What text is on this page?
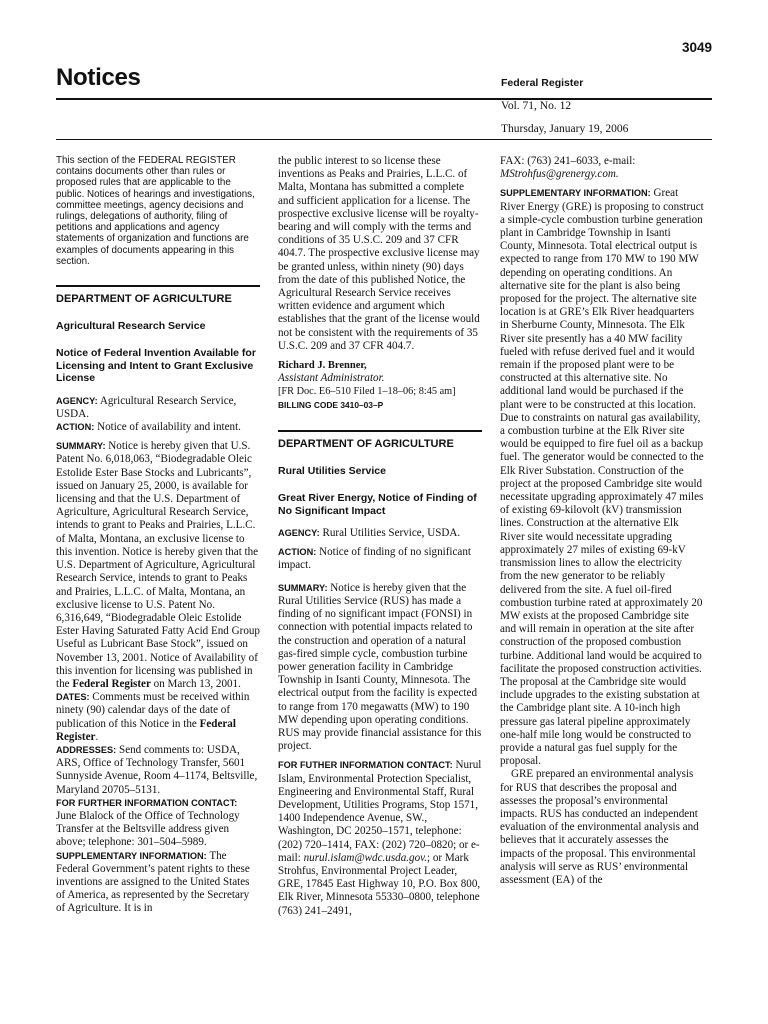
3049
Notices	Federal Register
Vol. 71, No. 12
Thursday, January 19, 2006

This section of the FEDERAL REGISTER contains documents other than rules or proposed rules that are applicable to the public. Notices of hearings and investigations, committee meetings, agency decisions and rulings, delegations of authority, filing of petitions and applications and agency statements of organization and functions are examples of documents appearing in this section.

DEPARTMENT OF AGRICULTURE

Agricultural Research Service

Notice of Federal Invention Available for Licensing and Intent to Grant Exclusive License

AGENCY: Agricultural Research Service, USDA.

ACTION: Notice of availability and intent.

SUMMARY: Notice is hereby given that U.S. Patent No. 6,018,063, “Biodegradable Oleic Estolide Ester Base Stocks and Lubricants”, issued on January 25, 2000, is available for licensing and that the U.S. Department of Agriculture, Agricultural Research Service, intends to grant to Peaks and Prairies, L.L.C. of Malta, Montana, an exclusive license to this invention. Notice is hereby given that the U.S. Department of Agriculture, Agricultural Research Service, intends to grant to Peaks and Prairies, L.L.C. of Malta, Montana, an exclusive license to U.S. Patent No. 6,316,649, “Biodegradable Oleic Estolide Ester Having Saturated Fatty Acid End Group Useful as Lubricant Base Stock”, issued on November 13, 2001. Notice of Availability of this invention for licensing was published in the Federal Register on March 13, 2001.

DATES: Comments must be received within ninety (90) calendar days of the date of publication of this Notice in the Federal Register.

ADDRESSES: Send comments to: USDA, ARS, Office of Technology Transfer, 5601 Sunnyside Avenue, Room 4–1174, Beltsville, Maryland 20705–5131.

FOR FURTHER INFORMATION CONTACT: June Blalock of the Office of Technology Transfer at the Beltsville address given above; telephone: 301–504–5989.

SUPPLEMENTARY INFORMATION: The Federal Government’s patent rights to these inventions are assigned to the United States of America, as represented by the Secretary of Agriculture. It is in

the public interest to so license these inventions as Peaks and Prairies, L.L.C. of Malta, Montana has submitted a complete and sufficient application for a license. The prospective exclusive license will be royalty-bearing and will comply with the terms and conditions of 35 U.S.C. 209 and 37 CFR 404.7. The prospective exclusive license may be granted unless, within ninety (90) days from the date of this published Notice, the Agricultural Research Service receives written evidence and argument which establishes that the grant of the license would not be consistent with the requirements of 35 U.S.C. 209 and 37 CFR 404.7.

Richard J. Brenner,

Assistant Administrator.

[FR Doc. E6–510 Filed 1–18–06; 8:45 am]

BILLING CODE 3410–03–P

DEPARTMENT OF AGRICULTURE

Rural Utilities Service

Great River Energy, Notice of Finding of No Significant Impact

AGENCY: Rural Utilities Service, USDA.

ACTION: Notice of finding of no significant impact.

SUMMARY: Notice is hereby given that the Rural Utilities Service (RUS) has made a finding of no significant impact (FONSI) in connection with potential impacts related to the construction and operation of a natural gas-fired simple cycle, combustion turbine power generation facility in Cambridge Township in Isanti County, Minnesota. The electrical output from the facility is expected to range from 170 megawatts (MW) to 190 MW depending upon operating conditions. RUS may provide financial assistance for this project.

FOR FUTHER INFORMATION CONTACT: Nurul Islam, Environmental Protection Specialist, Engineering and Environmental Staff, Rural Development, Utilities Programs, Stop 1571, 1400 Independence Avenue, SW., Washington, DC 20250–1571, telephone: (202) 720–1414, FAX: (202) 720–0820; or e-mail: nurul.islam@wdc.usda.gov.; or Mark Strohfus, Environmental Project Leader, GRE, 17845 East Highway 10, P.O. Box 800, Elk River, Minnesota 55330–0800, telephone (763) 241–2491,

FAX: (763) 241–6033, e-mail: MStrohfus@grenergy.com.

SUPPLEMENTARY INFORMATION: Great River Energy (GRE) is proposing to construct a simple-cycle combustion turbine generation plant in Cambridge Township in Isanti County, Minnesota. Total electrical output is expected to range from 170 MW to 190 MW depending on operating conditions. An alternative site for the plant is also being proposed for the project. The alternative site location is at GRE’s Elk River headquarters in Sherburne County, Minnesota. The Elk River site presently has a 40 MW facility fueled with refuse derived fuel and it would remain if the proposed plant were to be constructed at this alternative site. No additional land would be purchased if the plant were to be constructed at this location. Due to constraints on natural gas availability, a combustion turbine at the Elk River site would be equipped to fire fuel oil as a backup fuel. The generator would be connected to the Elk River Substation. Construction of the project at the proposed Cambridge site would necessitate upgrading approximately 47 miles of existing 69-kilovolt (kV) transmission lines. Construction at the alternative Elk River site would necessitate upgrading approximately 27 miles of existing 69-kV transmission lines to allow the electricity from the new generator to be reliably delivered from the site. A fuel oil-fired combustion turbine rated at approximately 20 MW exists at the proposed Cambridge site and will remain in operation at the site after construction of the proposed combustion turbine. Additional land would be acquired to facilitate the proposed construction activities. The proposal at the Cambridge site would include upgrades to the existing substation at the Cambridge plant site. A 10-inch high pressure gas lateral pipeline approximately one-half mile long would be constructed to provide a natural gas fuel supply for the proposal.

GRE prepared an environmental analysis for RUS that describes the proposal and assesses the proposal’s environmental impacts. RUS has conducted an independent evaluation of the environmental analysis and believes that it accurately assesses the impacts of the proposal. This environmental analysis will serve as RUS’ environmental assessment (EA) of the
